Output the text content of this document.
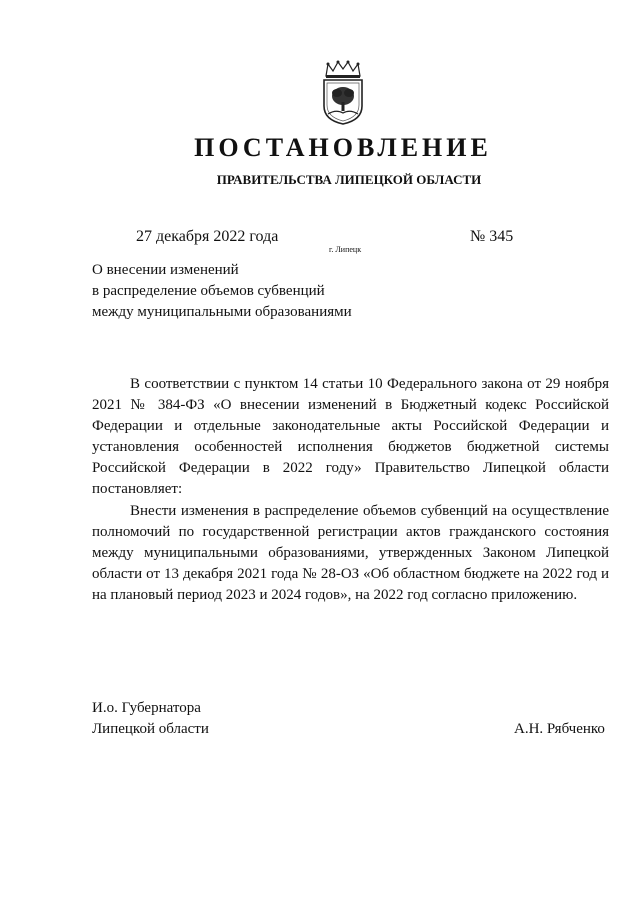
ПОСТАНОВЛЕНИЕ
ПРАВИТЕЛЬСТВА ЛИПЕЦКОЙ ОБЛАСТИ
27 декабря 2022 года
г. Липецк
№ 345
О внесении изменений
в распределение объемов субвенций
между муниципальными образованиями

В соответствии с пунктом 14 статьи 10 Федерального закона от 29 ноября 2021 № 384-ФЗ «О внесении изменений в Бюджетный кодекс Российской Федерации и отдельные законодательные акты Российской Федерации и установления особенностей исполнения бюджетов бюджетной системы Российской Федерации в 2022 году» Правительство Липецкой области постановляет:

Внести изменения в распределение объемов субвенций на осуществление полномочий по государственной регистрации актов гражданского состояния между муниципальными образованиями, утвержденных Законом Липецкой области от 13 декабря 2021 года № 28-ОЗ «Об областном бюджете на 2022 год и на плановый период 2023 и 2024 годов», на 2022 год согласно приложению.

И.о. Губернатора
Липецкой области	А.Н. Рябченко
